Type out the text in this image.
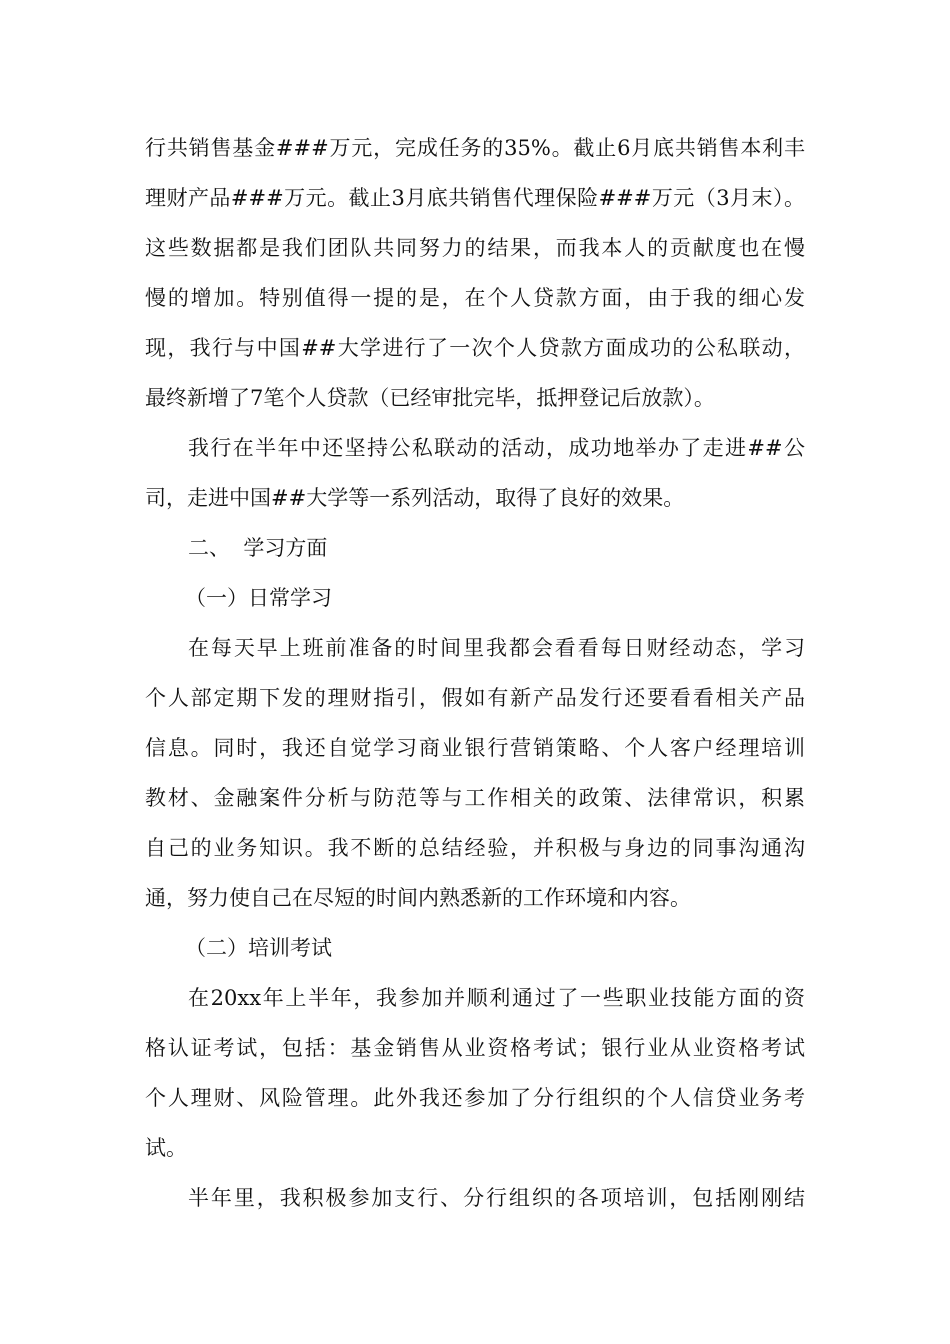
行共销售基金###万元，完成任务的35%。截止6月底共销售本利丰

理财产品###万元。截止3月底共销售代理保险###万元（3月末）。

这些数据都是我们团队共同努力的结果，而我本人的贡献度也在慢

慢的增加。特别值得一提的是，在个人贷款方面，由于我的细心发

现，我行与中国##大学进行了一次个人贷款方面成功的公私联动，

最终新增了7笔个人贷款（已经审批完毕，抵押登记后放款）。

我行在半年中还坚持公私联动的活动，成功地举办了走进##公

司，走进中国##大学等一系列活动，取得了良好的效果。

二、  学习方面

（一）日常学习

在每天早上班前准备的时间里我都会看看每日财经动态，学习

个人部定期下发的理财指引，假如有新产品发行还要看看相关产品

信息。同时，我还自觉学习商业银行营销策略、个人客户经理培训

教材、金融案件分析与防范等与工作相关的政策、法律常识，积累

自己的业务知识。我不断的总结经验，并积极与身边的同事沟通沟

通，努力使自己在尽短的时间内熟悉新的工作环境和内容。

（二）培训考试

在20xx年上半年，我参加并顺利通过了一些职业技能方面的资

格认证考试，包括：基金销售从业资格考试；银行业从业资格考试

个人理财、风险管理。此外我还参加了分行组织的个人信贷业务考

试。

半年里，我积极参加支行、分行组织的各项培训，包括刚刚结
